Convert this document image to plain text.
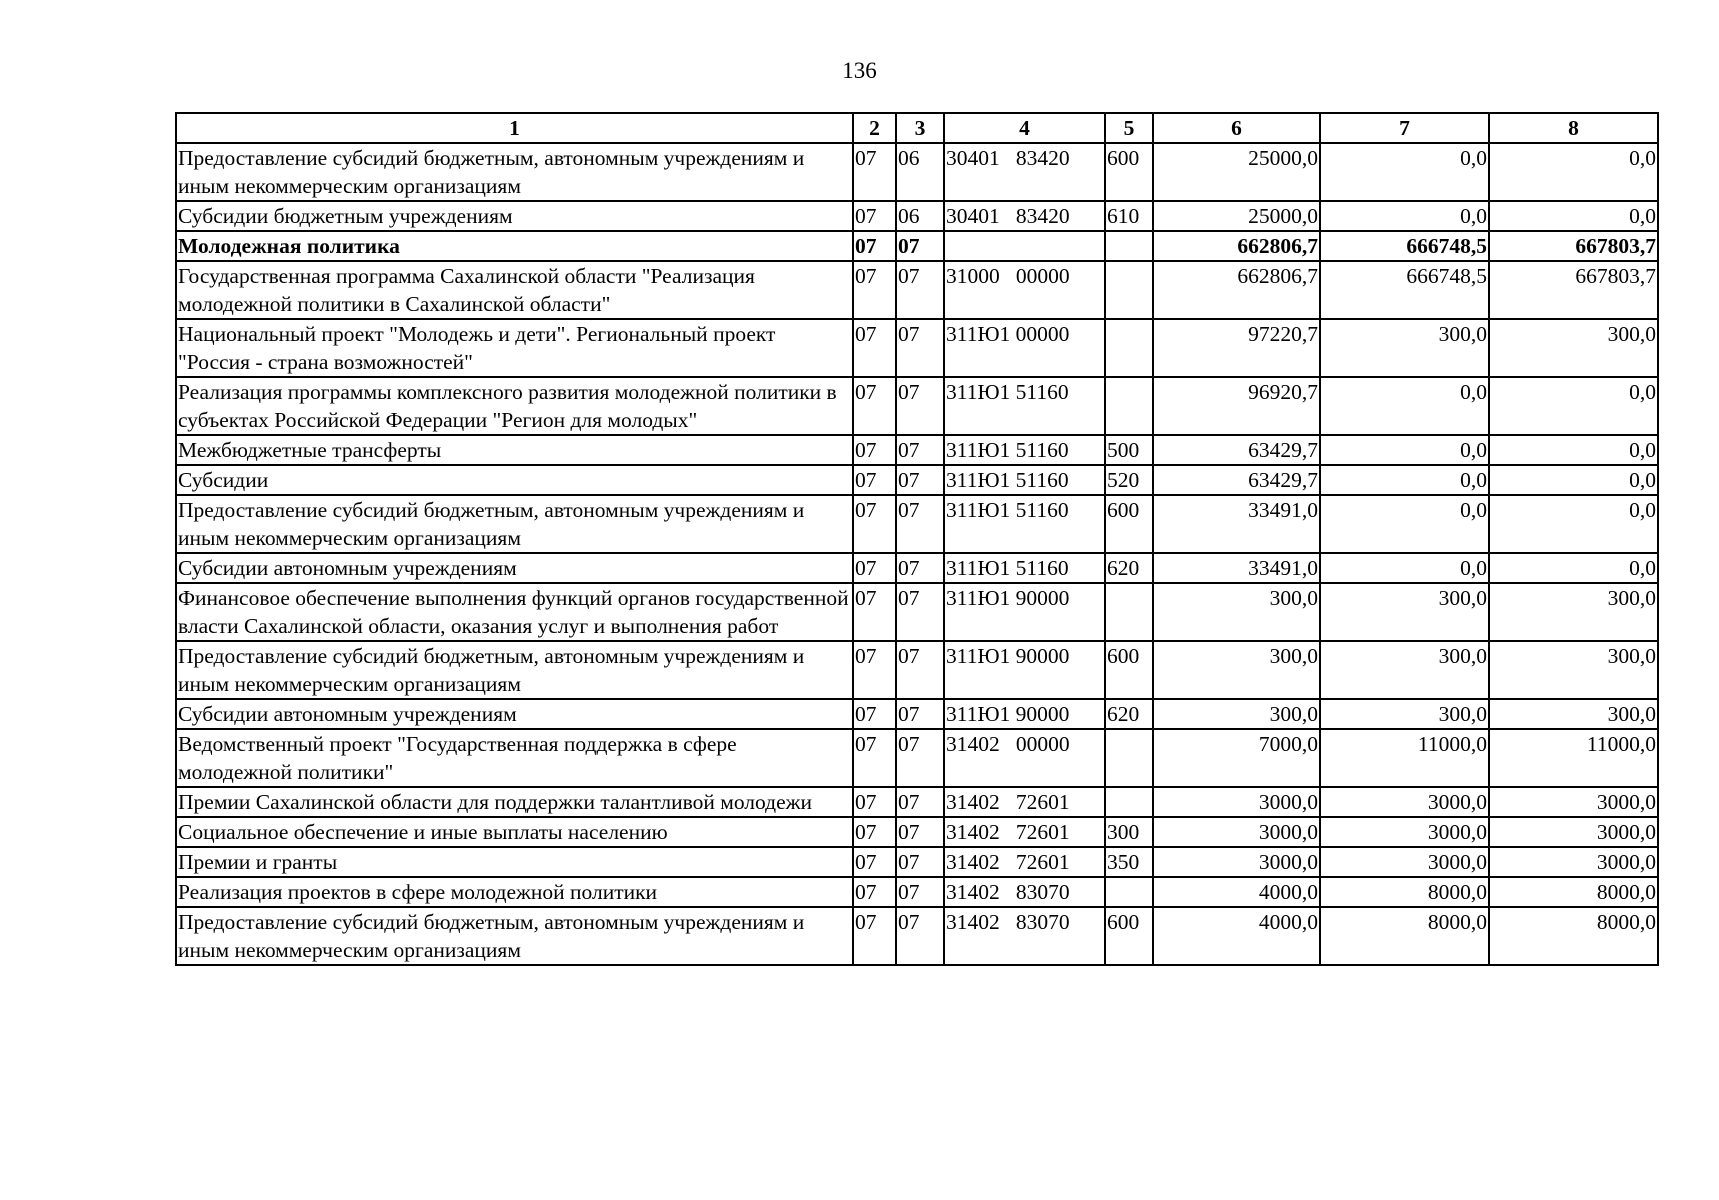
136
1	2	3	4	5	6	7	8
Предоставление субсидий бюджетным, автономным учреждениям и иным некоммерческим организациям	07	06	30401   83420	600	25000,0	0,0	0,0
Субсидии бюджетным учреждениям	07	06	30401   83420	610	25000,0	0,0	0,0
Молодежная политика	07	07			662806,7	666748,5	667803,7
Государственная программа Сахалинской области "Реализация молодежной политики в Сахалинской области"	07	07	31000   00000		662806,7	666748,5	667803,7
Национальный проект "Молодежь и дети". Региональный проект "Россия - страна возможностей"	07	07	311Ю1 00000		97220,7	300,0	300,0
Реализация программы комплексного развития молодежной политики в субъектах Российской Федерации "Регион для молодых"	07	07	311Ю1 51160		96920,7	0,0	0,0
Межбюджетные трансферты	07	07	311Ю1 51160	500	63429,7	0,0	0,0
Субсидии	07	07	311Ю1 51160	520	63429,7	0,0	0,0
Предоставление субсидий бюджетным, автономным учреждениям и иным некоммерческим организациям	07	07	311Ю1 51160	600	33491,0	0,0	0,0
Субсидии автономным учреждениям	07	07	311Ю1 51160	620	33491,0	0,0	0,0
Финансовое обеспечение выполнения функций органов государственной власти Сахалинской области, оказания услуг и выполнения работ	07	07	311Ю1 90000		300,0	300,0	300,0
Предоставление субсидий бюджетным, автономным учреждениям и иным некоммерческим организациям	07	07	311Ю1 90000	600	300,0	300,0	300,0
Субсидии автономным учреждениям	07	07	311Ю1 90000	620	300,0	300,0	300,0
Ведомственный проект "Государственная поддержка в сфере молодежной политики"	07	07	31402   00000		7000,0	11000,0	11000,0
Премии Сахалинской области для поддержки талантливой молодежи	07	07	31402   72601		3000,0	3000,0	3000,0
Социальное обеспечение и иные выплаты населению	07	07	31402   72601	300	3000,0	3000,0	3000,0
Премии и гранты	07	07	31402   72601	350	3000,0	3000,0	3000,0
Реализация проектов в сфере молодежной политики	07	07	31402   83070		4000,0	8000,0	8000,0
Предоставление субсидий бюджетным, автономным учреждениям и иным некоммерческим организациям	07	07	31402   83070	600	4000,0	8000,0	8000,0
